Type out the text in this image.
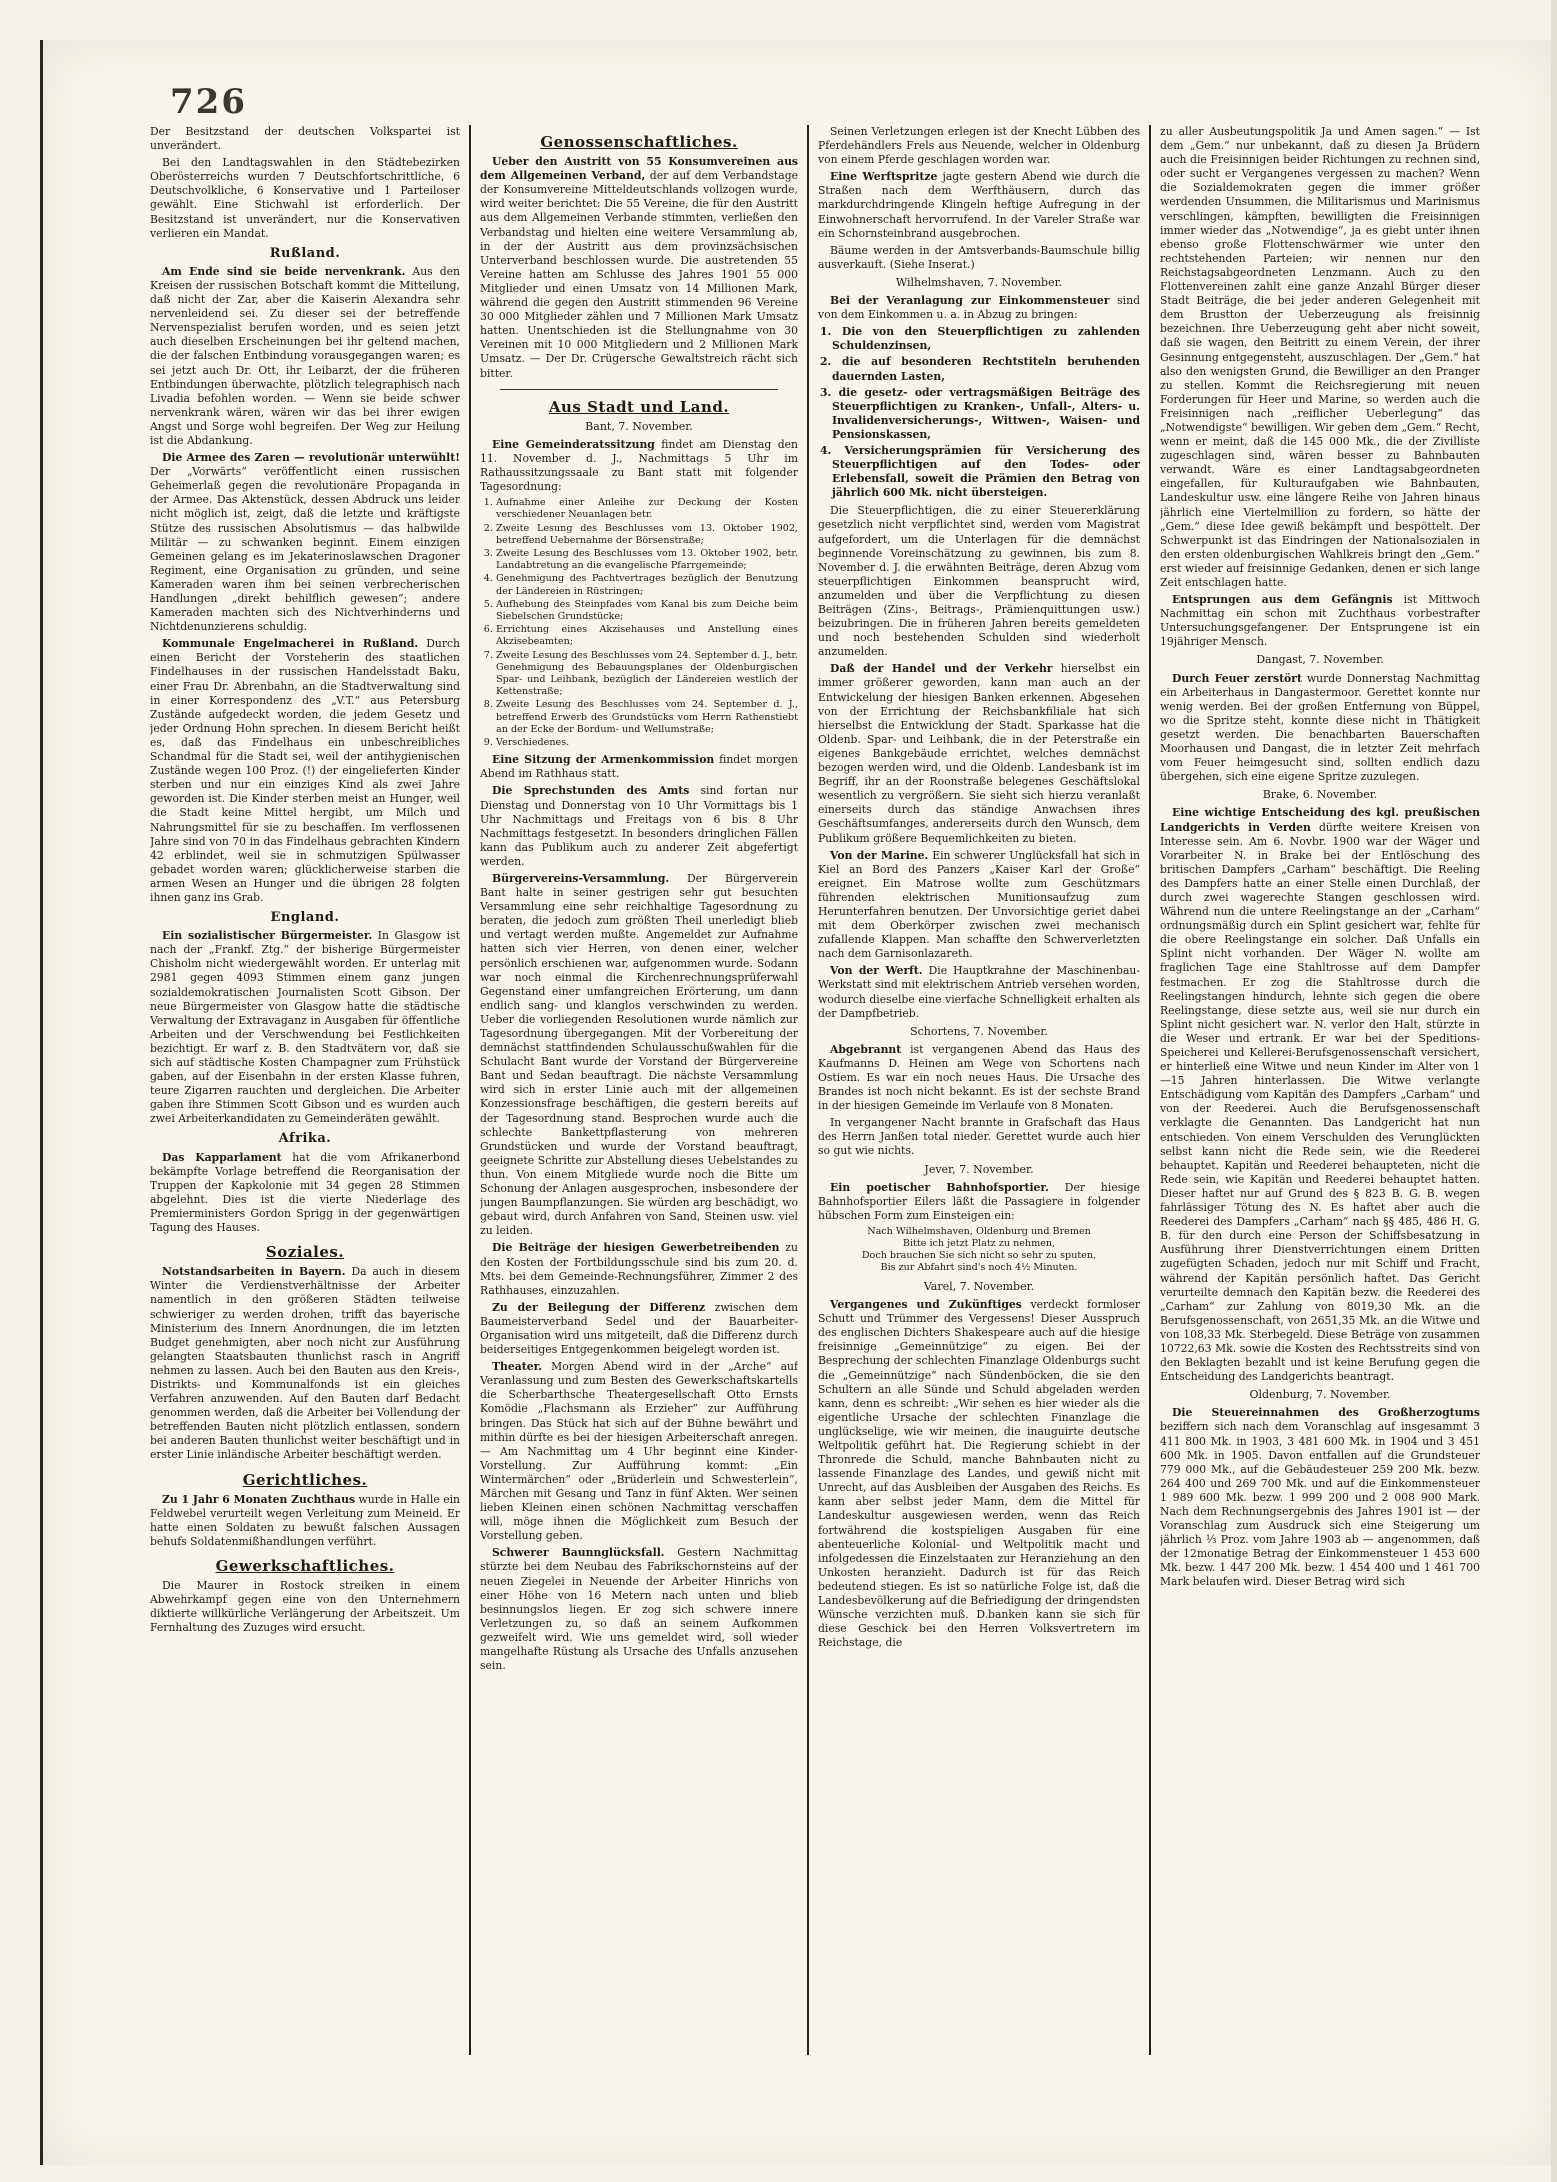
726

Der Besitzstand der deutschen Volkspartei ist unverändert.

Bei den Landtagswahlen in den Städtebezirken Oberösterreichs wurden 7 Deutschfortschrittliche, 6 Deutschvolkliche, 6 Konservative und 1 Parteiloser gewählt. Eine Stichwahl ist erforderlich. Der Besitzstand ist unverändert, nur die Konservativen verlieren ein Mandat.

Rußland.

Am Ende sind sie beide nervenkrank. Aus den Kreisen der russischen Botschaft kommt die Mitteilung, daß nicht der Zar, aber die Kaiserin Alexandra sehr nervenleidend sei. Zu dieser sei der betreffende Nervenspezialist berufen worden, und es seien jetzt auch dieselben Erscheinungen bei ihr geltend machen, die der falschen Entbindung vorausgegangen waren; es sei jetzt auch Dr. Ott, ihr Leibarzt, der die früheren Entbindungen überwachte, plötzlich telegraphisch nach Livadia befohlen worden. — Wenn sie beide schwer nervenkrank wären, wären wir das bei ihrer ewigen Angst und Sorge wohl begreifen. Der Weg zur Heilung ist die Abdankung.

Die Armee des Zaren — revolutionär unterwühlt! Der „Vorwärts“ veröffentlicht einen russischen Geheimerlaß gegen die revolutionäre Propaganda in der Armee. Das Aktenstück, dessen Abdruck uns leider nicht möglich ist, zeigt, daß die letzte und kräftigste Stütze des russischen Absolutismus — das halbwilde Militär — zu schwanken beginnt. Einem einzigen Gemeinen gelang es im Jekaterinoslawschen Dragoner Regiment, eine Organisation zu gründen, und seine Kameraden waren ihm bei seinen verbrecherischen Handlungen „direkt behilflich gewesen“; andere Kameraden machten sich des Nichtverhinderns und Nichtdenunzierens schuldig.

Kommunale Engelmacherei in Rußland. Durch einen Bericht der Vorsteherin des staatlichen Findelhauses in der russischen Handelsstadt Baku, einer Frau Dr. Abrenbahn, an die Stadtverwaltung sind in einer Korrespondenz des „V.T.“ aus Petersburg Zustände aufgedeckt worden, die jedem Gesetz und jeder Ordnung Hohn sprechen. In diesem Bericht heißt es, daß das Findelhaus ein unbeschreibliches Schandmal für die Stadt sei, weil der antihygienischen Zustände wegen 100 Proz. (!) der eingelieferten Kinder sterben und nur ein einziges Kind als zwei Jahre geworden ist. Die Kinder sterben meist an Hunger, weil die Stadt keine Mittel hergibt, um Milch und Nahrungsmittel für sie zu beschaffen. Im verflossenen Jahre sind von 70 in das Findelhaus gebrachten Kindern 42 erblindet, weil sie in schmutzigen Spülwasser gebadet worden waren; glücklicherweise starben die armen Wesen an Hunger und die übrigen 28 folgten ihnen ganz ins Grab.

England.

Ein sozialistischer Bürgermeister. In Glasgow ist nach der „Frankf. Ztg.“ der bisherige Bürgermeister Chisholm nicht wiedergewählt worden. Er unterlag mit 2981 gegen 4093 Stimmen einem ganz jungen sozialdemokratischen Journalisten Scott Gibson. Der neue Bürgermeister von Glasgow hatte die städtische Verwaltung der Extravaganz in Ausgaben für öffentliche Arbeiten und der Verschwendung bei Festlichkeiten bezichtigt. Er warf z. B. den Stadtvätern vor, daß sie sich auf städtische Kosten Champagner zum Frühstück gaben, auf der Eisenbahn in der ersten Klasse fuhren, teure Zigarren rauchten und dergleichen. Die Arbeiter gaben ihre Stimmen Scott Gibson und es wurden auch zwei Arbeiterkandidaten zu Gemeinderäten gewählt.

Afrika.

Das Kapparlament hat die vom Afrikanerbond bekämpfte Vorlage betreffend die Reorganisation der Truppen der Kapkolonie mit 34 gegen 28 Stimmen abgelehnt. Dies ist die vierte Niederlage des Premierministers Gordon Sprigg in der gegenwärtigen Tagung des Hauses.

Soziales.

Notstandsarbeiten in Bayern. Da auch in diesem Winter die Verdienstverhältnisse der Arbeiter namentlich in den größeren Städten teilweise schwieriger zu werden drohen, trifft das bayerische Ministerium des Innern Anordnungen, die im letzten Budget genehmigten, aber noch nicht zur Ausführung gelangten Staatsbauten thunlichst rasch in Angriff nehmen zu lassen. Auch bei den Bauten aus den Kreis-, Distrikts- und Kommunalfonds ist ein gleiches Verfahren anzuwenden. Auf den Bauten darf Bedacht genommen werden, daß die Arbeiter bei Vollendung der betreffenden Bauten nicht plötzlich entlassen, sondern bei anderen Bauten thunlichst weiter beschäftigt und in erster Linie inländische Arbeiter beschäftigt werden.

Gerichtliches.

Zu 1 Jahr 6 Monaten Zuchthaus wurde in Halle ein Feldwebel verurteilt wegen Verleitung zum Meineid. Er hatte einen Soldaten zu bewußt falschen Aussagen behufs Soldatenmißhandlungen verführt.

Gewerkschaftliches.

Die Maurer in Rostock streiken in einem Abwehrkampf gegen eine von den Unternehmern diktierte willkürliche Verlängerung der Arbeitszeit. Um Fernhaltung des Zuzuges wird ersucht.

Genossenschaftliches.

Ueber den Austritt von 55 Konsumvereinen aus dem Allgemeinen Verband, der auf dem Verbandstage der Konsumvereine Mitteldeutschlands vollzogen wurde, wird weiter berichtet: Die 55 Vereine, die für den Austritt aus dem Allgemeinen Verbande stimmten, verließen den Verbandstag und hielten eine weitere Versammlung ab, in der der Austritt aus dem provinzsächsischen Unterverband beschlossen wurde. Die austretenden 55 Vereine hatten am Schlusse des Jahres 1901 55 000 Mitglieder und einen Umsatz von 14 Millionen Mark, während die gegen den Austritt stimmenden 96 Vereine 30 000 Mitglieder zählen und 7 Millionen Mark Umsatz hatten. Unentschieden ist die Stellungnahme von 30 Vereinen mit 10 000 Mitgliedern und 2 Millionen Mark Umsatz. — Der Dr. Crügersche Gewaltstreich rächt sich bitter.

Aus Stadt und Land.
Bant, 7. November.

Eine Gemeinderatssitzung findet am Dienstag den 11. November d. J., Nachmittags 5 Uhr im Rathaussitzungssaale zu Bant statt mit folgender Tagesordnung:

1. Aufnahme einer Anleihe zur Deckung der Kosten verschiedener Neuanlagen betr.
2. Zweite Lesung des Beschlusses vom 13. Oktober 1902, betreffend Uebernahme der Börsenstraße;
3. Zweite Lesung des Beschlusses vom 13. Oktober 1902, betr. Landabtretung an die evangelische Pfarrgemeinde;
4. Genehmigung des Pachtvertrages bezüglich der Benutzung der Ländereien in Rüstringen;
5. Aufhebung des Steinpfades vom Kanal bis zum Deiche beim Siebelschen Grundstücke;
6. Errichtung eines Akzisehauses und Anstellung eines Akzisebeamten;
7. Zweite Lesung des Beschlusses vom 24. September d. J., betr. Genehmigung des Bebauungsplanes der Oldenburgischen Spar- und Leihbank, bezüglich der Ländereien westlich der Kettenstraße;
8. Zweite Lesung des Beschlusses vom 24. September d. J., betreffend Erwerb des Grundstücks vom Herrn Rathenstiebt an der Ecke der Bordum- und Wellumstraße;
9. Verschiedenes.

Eine Sitzung der Armenkommission findet morgen Abend im Rathhaus statt.

Die Sprechstunden des Amts sind fortan nur Dienstag und Donnerstag von 10 Uhr Vormittags bis 1 Uhr Nachmittags und Freitags von 6 bis 8 Uhr Nachmittags festgesetzt. In besonders dringlichen Fällen kann das Publikum auch zu anderer Zeit abgefertigt werden.

Bürgervereins-Versammlung. Der Bürgerverein Bant halte in seiner gestrigen sehr gut besuchten Versammlung eine sehr reichhaltige Tagesordnung zu beraten, die jedoch zum größten Theil unerledigt blieb und vertagt werden mußte. Angemeldet zur Aufnahme hatten sich vier Herren, von denen einer, welcher persönlich erschienen war, aufgenommen wurde. Sodann war noch einmal die Kirchenrechnungsprüferwahl Gegenstand einer umfangreichen Erörterung, um dann endlich sang- und klanglos verschwinden zu werden. Ueber die vorliegenden Resolutionen wurde nämlich zur Tagesordnung übergegangen. Mit der Vorbereitung der demnächst stattfindenden Schulausschußwahlen für die Schulacht Bant wurde der Vorstand der Bürgervereine Bant und Sedan beauftragt. Die nächste Versammlung wird sich in erster Linie auch mit der allgemeinen Konzessionsfrage beschäftigen, die gestern bereits auf der Tagesordnung stand. Besprochen wurde auch die schlechte Bankettpflasterung von mehreren Grundstücken und wurde der Vorstand beauftragt, geeignete Schritte zur Abstellung dieses Uebelstandes zu thun. Von einem Mitgliede wurde noch die Bitte um Schonung der Anlagen ausgesprochen, insbesondere der jungen Baumpflanzungen. Sie würden arg beschädigt, wo gebaut wird, durch Anfahren von Sand, Steinen usw. viel zu leiden.

Die Beiträge der hiesigen Gewerbetreibenden zu den Kosten der Fortbildungsschule sind bis zum 20. d. Mts. bei dem Gemeinde-Rechnungsführer, Zimmer 2 des Rathhauses, einzuzahlen.

Zu der Beilegung der Differenz zwischen dem Baumeisterverband Sedel und der Bauarbeiter-Organisation wird uns mitgeteilt, daß die Differenz durch beiderseitiges Entgegenkommen beigelegt worden ist.

Theater. Morgen Abend wird in der „Arche“ auf Veranlassung und zum Besten des Gewerkschaftskartells die Scherbarthsche Theatergesellschaft Otto Ernsts Komödie „Flachsmann als Erzieher“ zur Aufführung bringen. Das Stück hat sich auf der Bühne bewährt und mithin dürfte es bei der hiesigen Arbeiterschaft anregen. — Am Nachmittag um 4 Uhr beginnt eine Kinder-Vorstellung. Zur Aufführung kommt: „Ein Wintermärchen“ oder „Brüderlein und Schwesterlein“, Märchen mit Gesang und Tanz in fünf Akten. Wer seinen lieben Kleinen einen schönen Nachmittag verschaffen will, möge ihnen die Möglichkeit zum Besuch der Vorstellung geben.

Schwerer Baunnglücksfall. Gestern Nachmittag stürzte bei dem Neubau des Fabrikschornsteins auf der neuen Ziegelei in Neuende der Arbeiter Hinrichs von einer Höhe von 16 Metern nach unten und blieb besinnungslos liegen. Er zog sich schwere innere Verletzungen zu, so daß an seinem Aufkommen gezweifelt wird. Wie uns gemeldet wird, soll wieder mangelhafte Rüstung als Ursache des Unfalls anzusehen sein.

Seinen Verletzungen erlegen ist der Knecht Lübben des Pferdehändlers Frels aus Neuende, welcher in Oldenburg von einem Pferde geschlagen worden war.

Eine Werftspritze jagte gestern Abend wie durch die Straßen nach dem Werfthäusern, durch das markdurchdringende Klingeln heftige Aufregung in der Einwohnerschaft hervorrufend. In der Vareler Straße war ein Schornsteinbrand ausgebrochen.

Bäume werden in der Amtsverbands-Baumschule billig ausverkauft. (Siehe Inserat.)

Wilhelmshaven, 7. November.

Bei der Veranlagung zur Einkommensteuer sind von dem Einkommen u. a. in Abzug zu bringen:

1. Die von den Steuerpflichtigen zu zahlenden Schuldenzinsen,
2. die auf besonderen Rechtstiteln beruhenden dauernden Lasten,
3. die gesetz- oder vertragsmäßigen Beiträge des Steuerpflichtigen zu Kranken-, Unfall-, Alters- u. Invalidenversicherungs-, Wittwen-, Waisen- und Pensionskassen,
4. Versicherungsprämien für Versicherung des Steuerpflichtigen auf den Todes- oder Erlebensfall, soweit die Prämien den Betrag von jährlich 600 Mk. nicht übersteigen.

Die Steuerpflichtigen, die zu einer Steuererklärung gesetzlich nicht verpflichtet sind, werden vom Magistrat aufgefordert, um die Unterlagen für die demnächst beginnende Voreinschätzung zu gewinnen, bis zum 8. November d. J. die erwähnten Beiträge, deren Abzug vom steuerpflichtigen Einkommen beansprucht wird, anzumelden und über die Verpflichtung zu diesen Beiträgen (Zins-, Beitrags-, Prämienquittungen usw.) beizubringen. Die in früheren Jahren bereits gemeldeten und noch bestehenden Schulden sind wiederholt anzumelden.

Daß der Handel und der Verkehr hierselbst ein immer größerer geworden, kann man auch an der Entwickelung der hiesigen Banken erkennen. Abgesehen von der Errichtung der Reichsbankfiliale hat sich hierselbst die Entwicklung der Stadt. Sparkasse hat die Oldenb. Spar- und Leihbank, die in der Peterstraße ein eigenes Bankgebäude errichtet, welches demnächst bezogen werden wird, und die Oldenb. Landesbank ist im Begriff, ihr an der Roonstraße belegenes Geschäftslokal wesentlich zu vergrößern. Sie sieht sich hierzu veranlaßt einerseits durch das ständige Anwachsen ihres Geschäftsumfanges, andererseits durch den Wunsch, dem Publikum größere Bequemlichkeiten zu bieten.

Von der Marine. Ein schwerer Unglücksfall hat sich in Kiel an Bord des Panzers „Kaiser Karl der Große“ ereignet. Ein Matrose wollte zum Geschützmars führenden elektrischen Munitionsaufzug zum Herunterfahren benutzen. Der Unvorsichtige geriet dabei mit dem Oberkörper zwischen zwei mechanisch zufallende Klappen. Man schaffte den Schwerverletzten nach dem Garnisonlazareth.

Von der Werft. Die Hauptkrahne der Maschinenbau-Werkstatt sind mit elektrischem Antrieb versehen worden, wodurch dieselbe eine vierfache Schnelligkeit erhalten als der Dampfbetrieb.

Schortens, 7. November.

Abgebrannt ist vergangenen Abend das Haus des Kaufmanns D. Heinen am Wege von Schortens nach Ostiem. Es war ein noch neues Haus. Die Ursache des Brandes ist noch nicht bekannt. Es ist der sechste Brand in der hiesigen Gemeinde im Verlaufe von 8 Monaten.

In vergangener Nacht brannte in Grafschaft das Haus des Herrn Janßen total nieder. Gerettet wurde auch hier so gut wie nichts.

Jever, 7. November.

Ein poetischer Bahnhofsportier. Der hiesige Bahnhofsportier Eilers läßt die Passagiere in folgender hübschen Form zum Einsteigen ein:

Nach Wilhelmshaven, Oldenburg und Bremen
Bitte ich jetzt Platz zu nehmen,
Doch brauchen Sie sich nicht so sehr zu sputen,
Bis zur Abfahrt sind's noch 4½ Minuten.
Varel, 7. November.

Vergangenes und Zukünftiges verdeckt formloser Schutt und Trümmer des Vergessens! Dieser Ausspruch des englischen Dichters Shakespeare auch auf die hiesige freisinnige „Gemeinnützige“ zu eigen. Bei der Besprechung der schlechten Finanzlage Oldenburgs sucht die „Gemeinnützige“ nach Sündenböcken, die sie den Schultern an alle Sünde und Schuld abgeladen werden kann, denn es schreibt: „Wir sehen es hier wieder als die eigentliche Ursache der schlechten Finanzlage die unglückselige, wie wir meinen, die inauguirte deutsche Weltpolitik geführt hat. Die Regierung schiebt in der Thronrede die Schuld, manche Bahnbauten nicht zu lassende Finanzlage des Landes, und gewiß nicht mit Unrecht, auf das Ausbleiben der Ausgaben des Reichs. Es kann aber selbst jeder Mann, dem die Mittel für Landeskultur ausgewiesen werden, wenn das Reich fortwährend die kostspieligen Ausgaben für eine abenteuerliche Kolonial- und Weltpolitik macht und infolgedessen die Einzelstaaten zur Heranziehung an den Unkosten heranzieht. Dadurch ist für das Reich bedeutend stiegen. Es ist so natürliche Folge ist, daß die Landesbevölkerung auf die Befriedigung der dringendsten Wünsche verzichten muß. D.banken kann sie sich für diese Geschick bei den Herren Volksvertretern im Reichstage, die

zu aller Ausbeutungspolitik Ja und Amen sagen.“ — Ist dem „Gem.“ nur unbekannt, daß zu diesen Ja Brüdern auch die Freisinnigen beider Richtungen zu rechnen sind, oder sucht er Vergangenes vergessen zu machen? Wenn die Sozialdemokraten gegen die immer größer werdenden Unsummen, die Militarismus und Marinismus verschlingen, kämpften, bewilligten die Freisinnigen immer wieder das „Notwendige“, ja es giebt unter ihnen ebenso große Flottenschwärmer wie unter den rechtstehenden Parteien; wir nennen nur den Reichstagsabgeordneten Lenzmann. Auch zu den Flottenvereinen zahlt eine ganze Anzahl Bürger dieser Stadt Beiträge, die bei jeder anderen Gelegenheit mit dem Brustton der Ueberzeugung als freisinnig bezeichnen. Ihre Ueberzeugung geht aber nicht soweit, daß sie wagen, den Beitritt zu einem Verein, der ihrer Gesinnung entgegensteht, auszuschlagen. Der „Gem.“ hat also den wenigsten Grund, die Bewilliger an den Pranger zu stellen. Kommt die Reichsregierung mit neuen Forderungen für Heer und Marine, so werden auch die Freisinnigen nach „reiflicher Ueberlegung“ das „Notwendigste“ bewilligen. Wir geben dem „Gem.“ Recht, wenn er meint, daß die 145 000 Mk., die der Zivilliste zugeschlagen sind, wären besser zu Bahnbauten verwandt. Wäre es einer Landtagsabgeordneten eingefallen, für Kulturaufgaben wie Bahnbauten, Landeskultur usw. eine längere Reihe von Jahren hinaus jährlich eine Viertelmillion zu fordern, so hätte der „Gem.“ diese Idee gewiß bekämpft und bespöttelt. Der Schwerpunkt ist das Eindringen der Nationalsozialen in den ersten oldenburgischen Wahlkreis bringt den „Gem.“ erst wieder auf freisinnige Gedanken, denen er sich lange Zeit entschlagen hatte.

Entsprungen aus dem Gefängnis ist Mittwoch Nachmittag ein schon mit Zuchthaus vorbestrafter Untersuchungsgefangener. Der Entsprungene ist ein 19jähriger Mensch.

Dangast, 7. November.

Durch Feuer zerstört wurde Donnerstag Nachmittag ein Arbeiterhaus in Dangastermoor. Gerettet konnte nur wenig werden. Bei der großen Entfernung von Büppel, wo die Spritze steht, konnte diese nicht in Thätigkeit gesetzt werden. Die benachbarten Bauerschaften Moorhausen und Dangast, die in letzter Zeit mehrfach vom Feuer heimgesucht sind, sollten endlich dazu übergehen, sich eine eigene Spritze zuzulegen.

Brake, 6. November.

Eine wichtige Entscheidung des kgl. preußischen Landgerichts in Verden dürfte weitere Kreisen von Interesse sein. Am 6. Novbr. 1900 war der Wäger und Vorarbeiter N. in Brake bei der Entlöschung des britischen Dampfers „Carham“ beschäftigt. Die Reeling des Dampfers hatte an einer Stelle einen Durchlaß, der durch zwei wagerechte Stangen geschlossen wird. Während nun die untere Reelingstange an der „Carham“ ordnungsmäßig durch ein Splint gesichert war, fehlte für die obere Reelingstange ein solcher. Daß Unfalls ein Splint nicht vorhanden. Der Wäger N. wollte am fraglichen Tage eine Stahltrosse auf dem Dampfer festmachen. Er zog die Stahltrosse durch die Reelingstangen hindurch, lehnte sich gegen die obere Reelingstange, diese setzte aus, weil sie nur durch ein Splint nicht gesichert war. N. verlor den Halt, stürzte in die Weser und ertrank. Er war bei der Speditions-Speicherei und Kellerei-Berufsgenossenschaft versichert, er hinterließ eine Witwe und neun Kinder im Alter von 1—15 Jahren hinterlassen. Die Witwe verlangte Entschädigung vom Kapitän des Dampfers „Carham“ und von der Reederei. Auch die Berufsgenossenschaft verklagte die Genannten. Das Landgericht hat nun entschieden. Von einem Verschulden des Verunglückten selbst kann nicht die Rede sein, wie die Reederei behauptet. Kapitän und Reederei behaupteten, nicht die Rede sein, wie Kapitän und Reederei behauptet hatten. Dieser haftet nur auf Grund des § 823 B. G. B. wegen fahrlässiger Tötung des N. Es haftet aber auch die Reederei des Dampfers „Carham“ nach §§ 485, 486 H. G. B. für den durch eine Person der Schiffsbesatzung in Ausführung ihrer Dienstverrichtungen einem Dritten zugefügten Schaden, jedoch nur mit Schiff und Fracht, während der Kapitän persönlich haftet. Das Gericht verurteilte demnach den Kapitän bezw. die Reederei des „Carham“ zur Zahlung von 8019,30 Mk. an die Berufsgenossenschaft, von 2651,35 Mk. an die Witwe und von 108,33 Mk. Sterbegeld. Diese Beträge von zusammen 10722,63 Mk. sowie die Kosten des Rechtsstreits sind von den Beklagten bezahlt und ist keine Berufung gegen die Entscheidung des Landgerichts beantragt.

Oldenburg, 7. November.

Die Steuereinnahmen des Großherzogtums beziffern sich nach dem Voranschlag auf insgesammt 3 411 800 Mk. in 1903, 3 481 600 Mk. in 1904 und 3 451 600 Mk. in 1905. Davon entfallen auf die Grundsteuer 779 000 Mk., auf die Gebäudesteuer 259 200 Mk. bezw. 264 400 und 269 700 Mk. und auf die Einkommensteuer 1 989 600 Mk. bezw. 1 999 200 und 2 008 900 Mark. Nach dem Rechnungsergebnis des Jahres 1901 ist — der Voranschlag zum Ausdruck sich eine Steigerung um jährlich ⅓ Proz. vom Jahre 1903 ab — angenommen, daß der 12monatige Betrag der Einkommensteuer 1 453 600 Mk. bezw. 1 447 200 Mk. bezw. 1 454 400 und 1 461 700 Mark belaufen wird. Dieser Betrag wird sich
